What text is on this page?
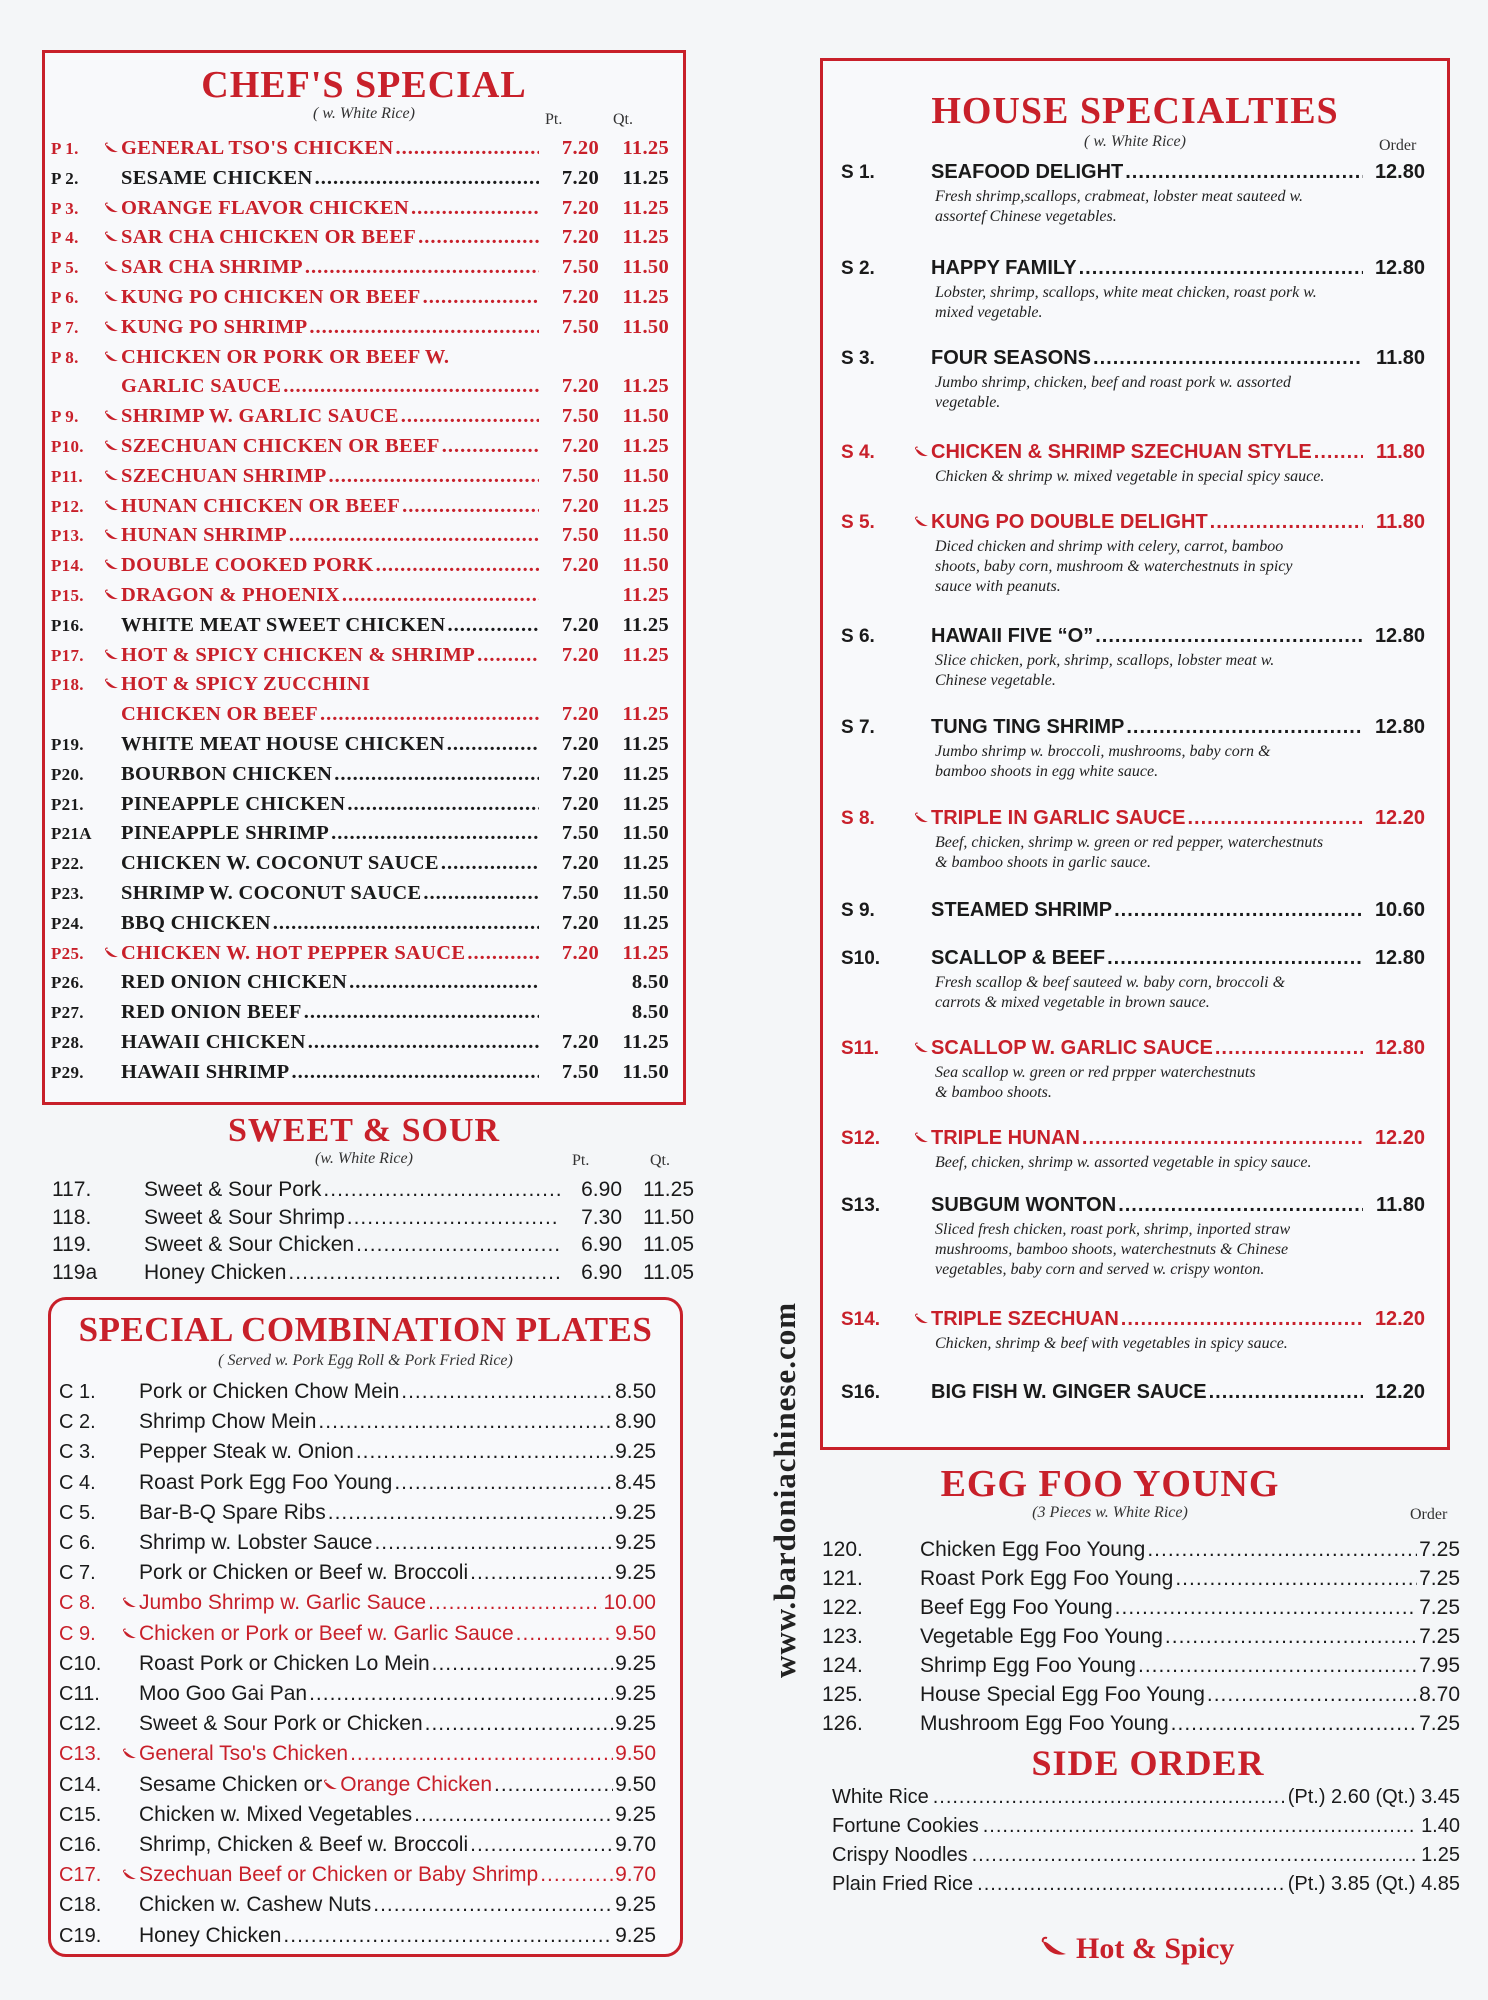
CHEF'S SPECIAL
( w. White Rice)	Pt.	Qt.
P 1.	GENERAL TSO'S CHICKEN .....	7.20	11.25
P 2.	SESAME CHICKEN .....	7.20	11.25
P 3.	ORANGE FLAVOR CHICKEN .....	7.20	11.25
P 4.	SAR CHA CHICKEN OR BEEF .....	7.20	11.25
P 5.	SAR CHA SHRIMP .....	7.50	11.50
P 6.	KUNG PO CHICKEN OR BEEF .....	7.20	11.25
P 7.	KUNG PO SHRIMP .....	7.50	11.50
P 8.	CHICKEN OR PORK OR BEEF W.
GARLIC SAUCE .....	7.20	11.25
P 9.	SHRIMP W. GARLIC SAUCE .....	7.50	11.50
P10.	SZECHUAN CHICKEN OR BEEF .....	7.20	11.25
P11.	SZECHUAN SHRIMP .....	7.50	11.50
P12.	HUNAN CHICKEN OR BEEF .....	7.20	11.25
P13.	HUNAN SHRIMP .....	7.50	11.50
P14.	DOUBLE COOKED PORK .....	7.20	11.50
P15.	DRAGON & PHOENIX .....	11.25
P16.	WHITE MEAT SWEET CHICKEN .....	7.20	11.25
P17.	HOT & SPICY CHICKEN & SHRIMP .....	7.20	11.25
P18.	HOT & SPICY ZUCCHINI
CHICKEN OR BEEF .....	7.20	11.25
P19.	WHITE MEAT HOUSE CHICKEN .....	7.20	11.25
P20.	BOURBON CHICKEN .....	7.20	11.25
P21.	PINEAPPLE CHICKEN .....	7.20	11.25
P21A	PINEAPPLE SHRIMP .....	7.50	11.50
P22.	CHICKEN W. COCONUT SAUCE .....	7.20	11.25
P23.	SHRIMP W. COCONUT SAUCE .....	7.50	11.50
P24.	BBQ CHICKEN .....	7.20	11.25
P25.	CHICKEN W. HOT PEPPER SAUCE .....	7.20	11.25
P26.	RED ONION CHICKEN .....	8.50
P27.	RED ONION BEEF .....	8.50
P28.	HAWAII CHICKEN .....	7.20	11.25
P29.	HAWAII SHRIMP .....	7.50	11.50
SWEET & SOUR
(w. White Rice)	Pt.	Qt.
117.	Sweet & Sour Pork .....	6.90	11.25
118.	Sweet & Sour Shrimp .....	7.30	11.50
119.	Sweet & Sour Chicken .....	6.90	11.05
119a	Honey Chicken .....	6.90	11.05
SPECIAL COMBINATION PLATES
( Served w. Pork Egg Roll & Pork Fried Rice)
C 1.	Pork or Chicken Chow Mein .....	8.50
C 2.	Shrimp Chow Mein .....	8.90
C 3.	Pepper Steak w. Onion .....	9.25
C 4.	Roast Pork Egg Foo Young .....	8.45
C 5.	Bar-B-Q Spare Ribs .....	9.25
C 6.	Shrimp w. Lobster Sauce .....	9.25
C 7.	Pork or Chicken or Beef w. Broccoli .....	9.25
C 8.	Jumbo Shrimp w. Garlic Sauce .....	10.00
C 9.	Chicken or Pork or Beef w. Garlic Sauce .....	9.50
C10.	Roast Pork or Chicken Lo Mein .....	9.25
C11.	Moo Goo Gai Pan .....	9.25
C12.	Sweet & Sour Pork or Chicken .....	9.25
C13.	General Tso's Chicken .....	9.50
C14.	Sesame Chicken or Orange Chicken .....	9.50
C15.	Chicken w. Mixed Vegetables .....	9.25
C16.	Shrimp, Chicken & Beef w. Broccoli .....	9.70
C17.	Szechuan Beef or Chicken or Baby Shrimp .....	9.70
C18.	Chicken w. Cashew Nuts .....	9.25
C19.	Honey Chicken .....	9.25
HOUSE SPECIALTIES
( w. White Rice)	Order
S 1.	SEAFOOD DELIGHT .....	12.80
Fresh shrimp,scallops, crabmeat, lobster meat sauteed w.
assortef Chinese vegetables.
S 2.	HAPPY FAMILY .....	12.80
Lobster, shrimp, scallops, white meat chicken, roast pork w.
mixed vegetable.
S 3.	FOUR SEASONS .....	11.80
Jumbo shrimp, chicken, beef and roast pork w. assorted
vegetable.
S 4.	CHICKEN & SHRIMP SZECHUAN STYLE .....	11.80
Chicken & shrimp w. mixed vegetable in special spicy sauce.
S 5.	KUNG PO DOUBLE DELIGHT .....	11.80
Diced chicken and shrimp with celery, carrot, bamboo
shoots, baby corn, mushroom & waterchestnuts in spicy
sauce with peanuts.
S 6.	HAWAII FIVE “O” .....	12.80
Slice chicken, pork, shrimp, scallops, lobster meat w.
Chinese vegetable.
S 7.	TUNG TING SHRIMP .....	12.80
Jumbo shrimp w. broccoli, mushrooms, baby corn &
bamboo shoots in egg white sauce.
S 8.	TRIPLE IN GARLIC SAUCE .....	12.20
Beef, chicken, shrimp w. green or red pepper, waterchestnuts
& bamboo shoots in garlic sauce.
S 9.	STEAMED SHRIMP .....	10.60
S10.	SCALLOP & BEEF .....	12.80
Fresh scallop & beef sauteed w. baby corn, broccoli &
carrots & mixed vegetable in brown sauce.
S11.	SCALLOP W. GARLIC SAUCE .....	12.80
Sea scallop w. green or red prpper waterchestnuts
& bamboo shoots.
S12.	TRIPLE HUNAN .....	12.20
Beef, chicken, shrimp w. assorted vegetable in spicy sauce.
S13.	SUBGUM WONTON .....	11.80
Sliced fresh chicken, roast pork, shrimp, inported straw
mushrooms, bamboo shoots, waterchestnuts & Chinese
vegetables, baby corn and served w. crispy wonton.
S14.	TRIPLE SZECHUAN .....	12.20
Chicken, shrimp & beef with vegetables in spicy sauce.
S16.	BIG FISH W. GINGER SAUCE .....	12.20
www.bardoniachinese.com	EGG FOO YOUNG
(3 Pieces w. White Rice)	Order
120.	Chicken Egg Foo Young .....	7.25
121.	Roast Pork Egg Foo Young .....	7.25
122.	Beef Egg Foo Young .....	7.25
123.	Vegetable Egg Foo Young .....	7.25
124.	Shrimp Egg Foo Young .....	7.95
125.	House Special Egg Foo Young .....	8.70
126.	Mushroom Egg Foo Young .....	7.25
SIDE ORDER
White Rice .....	(Pt.) 2.60 (Qt.) 3.45
Fortune Cookies .....	1.40
Crispy Noodles .....	1.25
Plain Fried Rice .....	(Pt.) 3.85 (Qt.) 4.85
Hot & Spicy
